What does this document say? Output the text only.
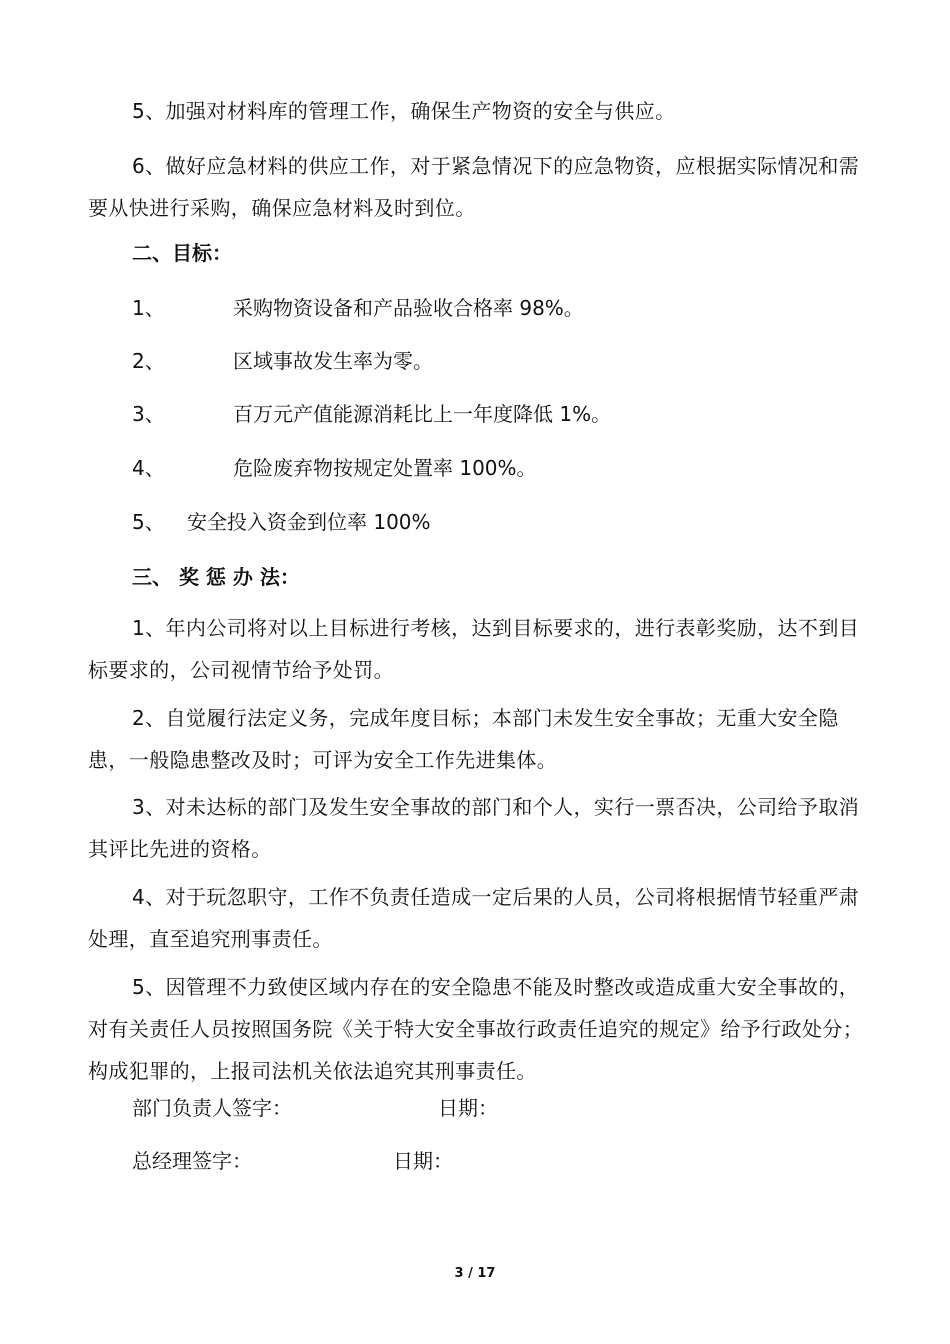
5、加强对材料库的管理工作，确保生产物资的安全与供应。

6、做好应急材料的供应工作，对于紧急情况下的应急物资，应根据实际情况和需要从快进行采购，确保应急材料及时到位。

二、目标：

1、	采购物资设备和产品验收合格率 98%。
2、	区域事故发生率为零。
3、	百万元产值能源消耗比上一年度降低 1%。
4、	危险废弃物按规定处置率 100%。
5、 安全投入资金到位率 100%

三、 奖 惩 办 法：

1、年内公司将对以上目标进行考核，达到目标要求的，进行表彰奖励，达不到目标要求的，公司视情节给予处罚。

2、自觉履行法定义务，完成年度目标；本部门未发生安全事故；无重大安全隐患，一般隐患整改及时；可评为安全工作先进集体。

3、对未达标的部门及发生安全事故的部门和个人，实行一票否决，公司给予取消其评比先进的资格。

4、对于玩忽职守，工作不负责任造成一定后果的人员，公司将根据情节轻重严肃处理，直至追究刑事责任。

5、因管理不力致使区域内存在的安全隐患不能及时整改或造成重大安全事故的，对有关责任人员按照国务院《关于特大安全事故行政责任追究的规定》给予行政处分；构成犯罪的，上报司法机关依法追究其刑事责任。

部门负责人签字：	日期：
总经理签字：	日期：
3 / 17
